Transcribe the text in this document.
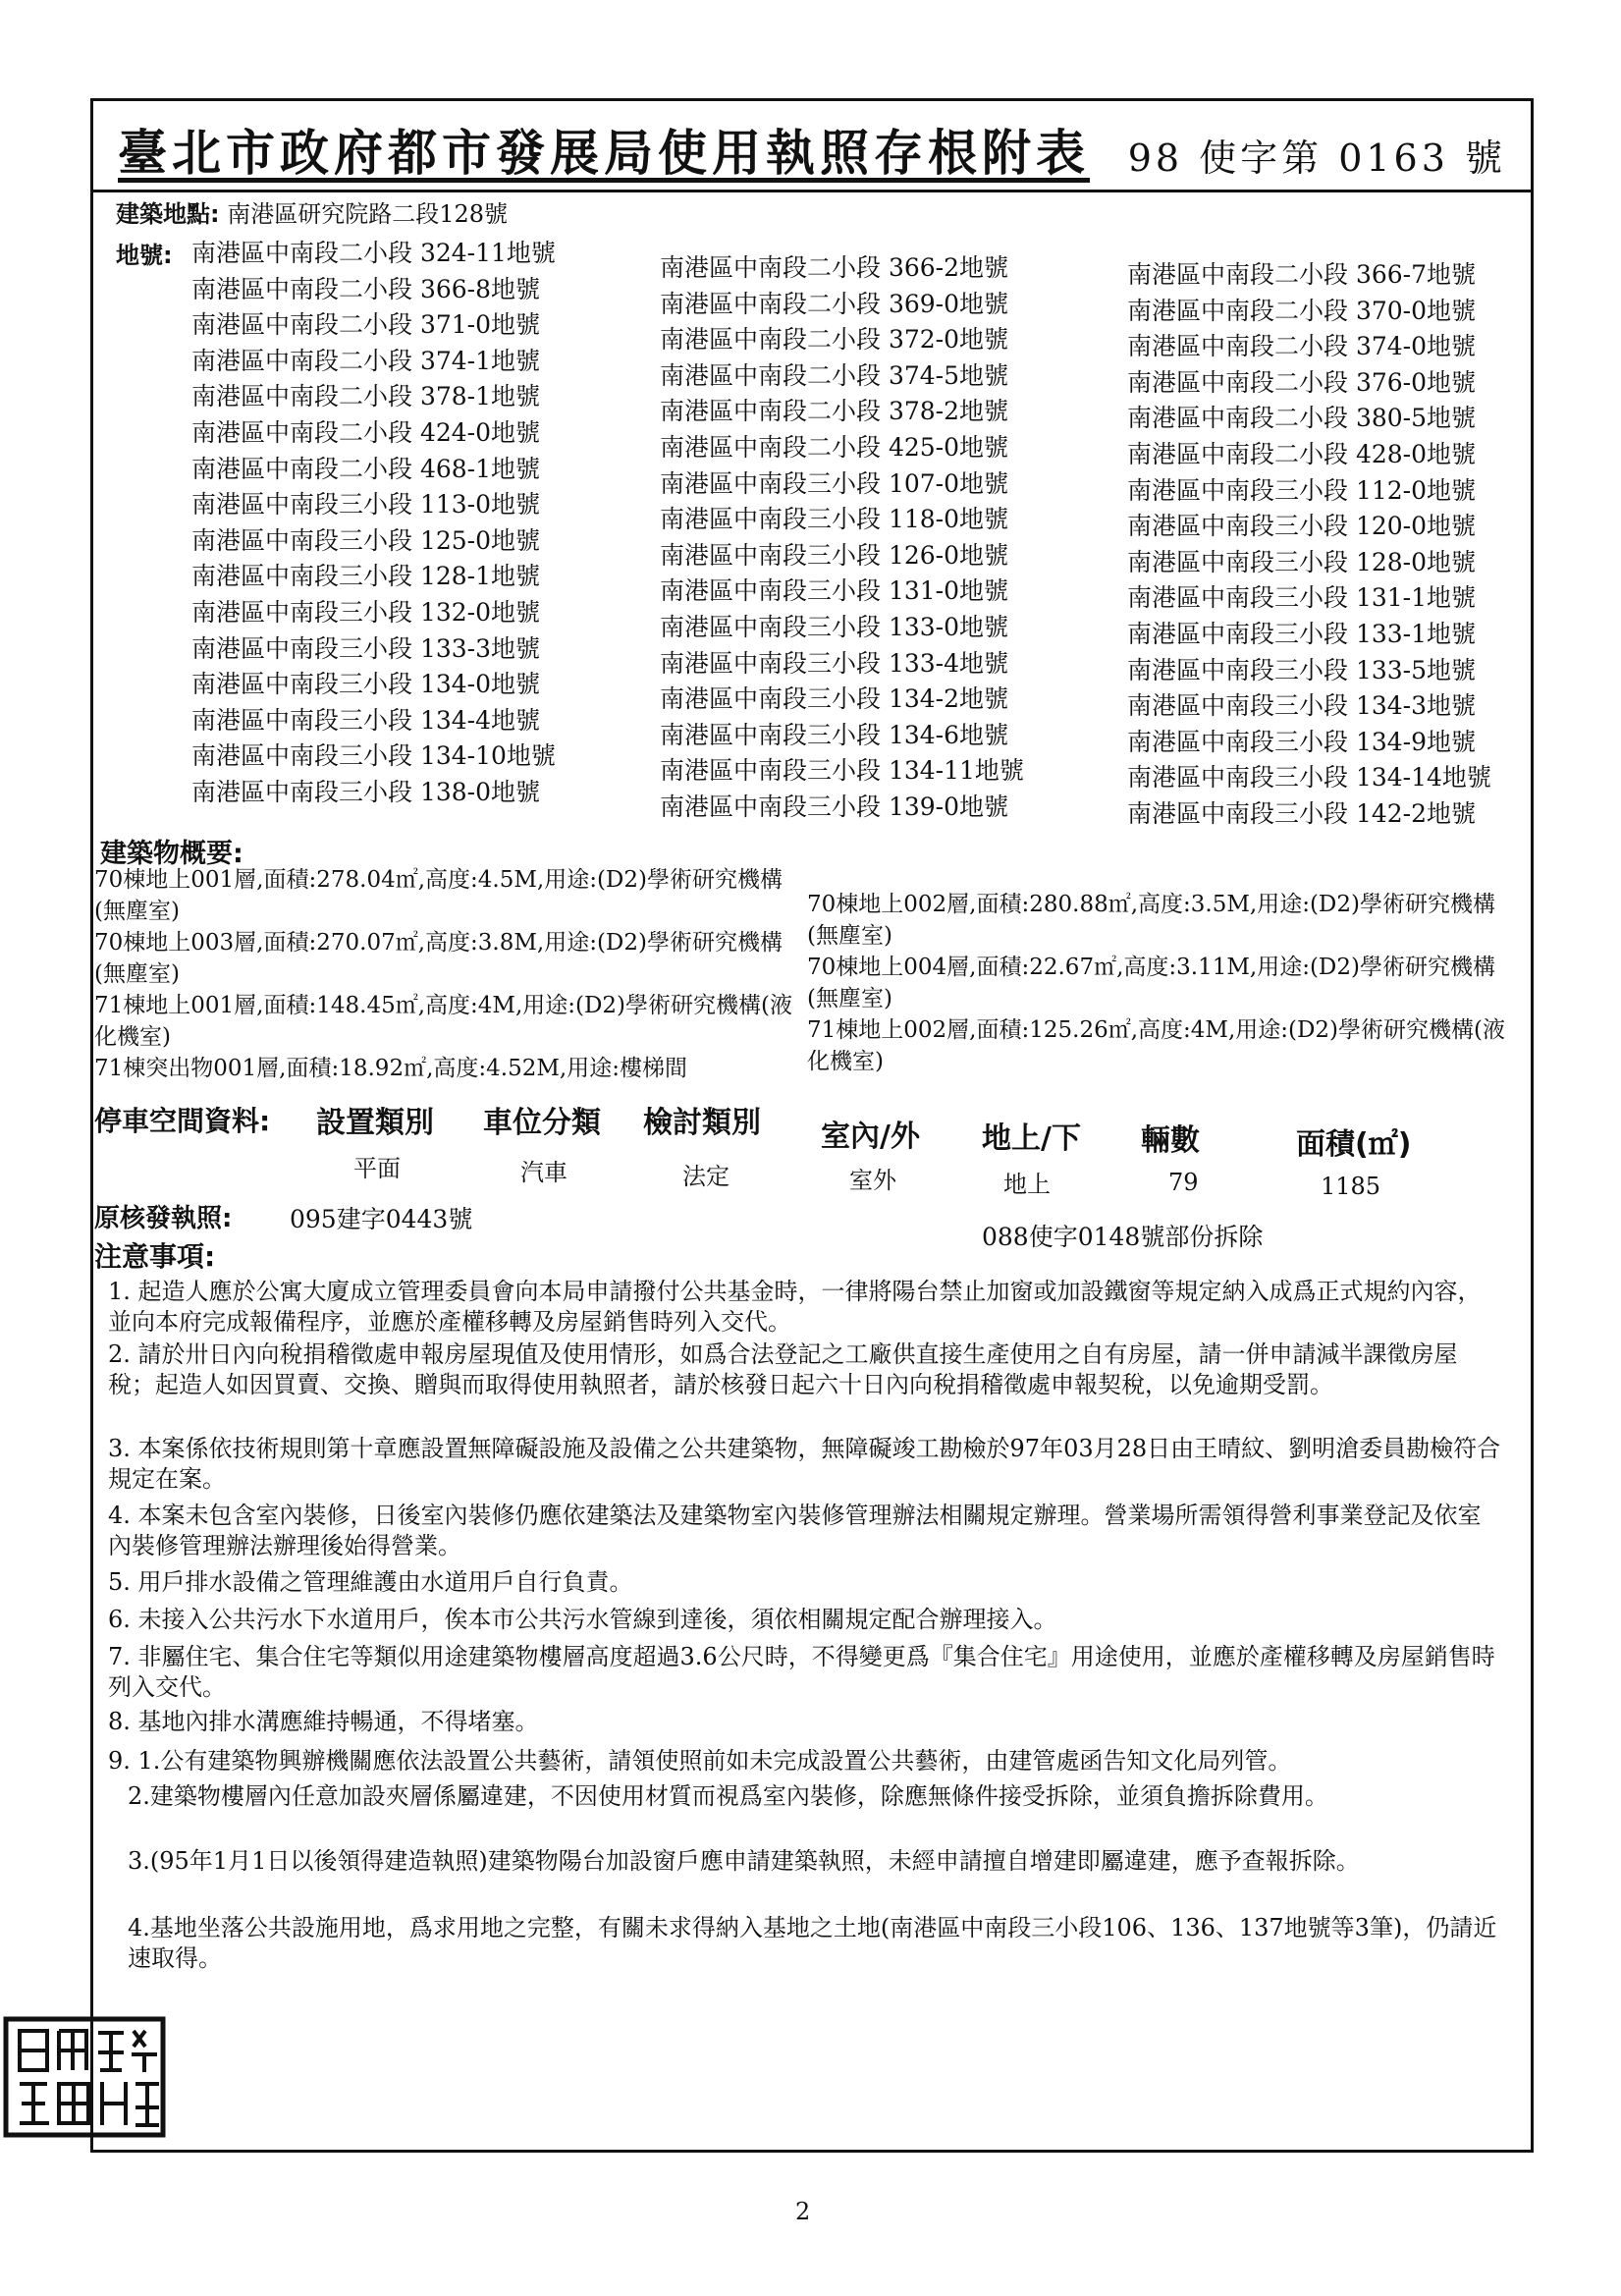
臺北市政府都市發展局使用執照存根附表 98 使字第 0163 號
建築地點: 南港區研究院路二段128號
地號: 南港區中南段二小段 324-11地號
南港區中南段二小段 366-8地號
南港區中南段二小段 371-0地號
南港區中南段二小段 374-1地號
南港區中南段二小段 378-1地號
南港區中南段二小段 424-0地號
南港區中南段二小段 468-1地號
南港區中南段三小段 113-0地號
南港區中南段三小段 125-0地號
南港區中南段三小段 128-1地號
南港區中南段三小段 132-0地號
南港區中南段三小段 133-3地號
南港區中南段三小段 134-0地號
南港區中南段三小段 134-4地號
南港區中南段三小段 134-10地號
南港區中南段三小段 138-0地號
南港區中南段二小段 366-2地號
南港區中南段二小段 369-0地號
南港區中南段二小段 372-0地號
南港區中南段二小段 374-5地號
南港區中南段二小段 378-2地號
南港區中南段二小段 425-0地號
南港區中南段三小段 107-0地號
南港區中南段三小段 118-0地號
南港區中南段三小段 126-0地號
南港區中南段三小段 131-0地號
南港區中南段三小段 133-0地號
南港區中南段三小段 133-4地號
南港區中南段三小段 134-2地號
南港區中南段三小段 134-6地號
南港區中南段三小段 134-11地號
南港區中南段三小段 139-0地號
南港區中南段二小段 366-7地號
南港區中南段二小段 370-0地號
南港區中南段二小段 374-0地號
南港區中南段二小段 376-0地號
南港區中南段二小段 380-5地號
南港區中南段二小段 428-0地號
南港區中南段三小段 112-0地號
南港區中南段三小段 120-0地號
南港區中南段三小段 128-0地號
南港區中南段三小段 131-1地號
南港區中南段三小段 133-1地號
南港區中南段三小段 133-5地號
南港區中南段三小段 134-3地號
南港區中南段三小段 134-9地號
南港區中南段三小段 134-14地號
南港區中南段三小段 142-2地號
建築物概要:
70棟地上001層,面積:278.04㎡,高度:4.5M,用途:(D2)學術研究機構(無塵室)
70棟地上003層,面積:270.07㎡,高度:3.8M,用途:(D2)學術研究機構(無塵室)
71棟地上001層,面積:148.45㎡,高度:4M,用途:(D2)學術研究機構(液化機室)
71棟突出物001層,面積:18.92㎡,高度:4.52M,用途:樓梯間
70棟地上002層,面積:280.88㎡,高度:3.5M,用途:(D2)學術研究機構(無塵室)
70棟地上004層,面積:22.67㎡,高度:3.11M,用途:(D2)學術研究機構(無塵室)
71棟地上002層,面積:125.26㎡,高度:4M,用途:(D2)學術研究機構(液化機室)
停車空間資料: 設置類別 車位分類 檢討類別 室內/外 地上/下 輛數	面積(㎡)
平面	汽車	法定	室外	地上	79	1185
原核發執照: 095建字0443號
088使字0148號部份拆除
注意事項:
1. 起造人應於公寓大廈成立管理委員會向本局申請撥付公共基金時，一律將陽台禁止加窗或加設鐵窗等規定納入成爲正式規約內容，並向本府完成報備程序，並應於產權移轉及房屋銷售時列入交代。
2. 請於卅日內向稅捐稽徵處申報房屋現值及使用情形，如爲合法登記之工廠供直接生產使用之自有房屋，請一併申請減半課徵房屋稅；起造人如因買賣、交換、贈與而取得使用執照者，請於核發日起六十日內向稅捐稽徵處申報契稅，以免逾期受罰。
3. 本案係依技術規則第十章應設置無障礙設施及設備之公共建築物，無障礙竣工勘檢於97年03月28日由王晴紋、劉明滄委員勘檢符合規定在案。
4. 本案未包含室內裝修，日後室內裝修仍應依建築法及建築物室內裝修管理辦法相關規定辦理。營業場所需領得營利事業登記及依室內裝修管理辦法辦理後始得營業。
5. 用戶排水設備之管理維護由水道用戶自行負責。
6. 未接入公共污水下水道用戶，俟本市公共污水管線到達後，須依相關規定配合辦理接入。
7. 非屬住宅、集合住宅等類似用途建築物樓層高度超過3.6公尺時，不得變更爲『集合住宅』用途使用，並應於產權移轉及房屋銷售時列入交代。
8. 基地內排水溝應維持暢通，不得堵塞。
9. 1.公有建築物興辦機關應依法設置公共藝術，請領使照前如未完成設置公共藝術，由建管處函告知文化局列管。
2.建築物樓層內任意加設夾層係屬違建，不因使用材質而視爲室內裝修，除應無條件接受拆除，並須負擔拆除費用。
3.(95年1月1日以後領得建造執照)建築物陽台加設窗戶應申請建築執照，未經申請擅自增建即屬違建，應予查報拆除。
4.基地坐落公共設施用地，爲求用地之完整，有關未求得納入基地之土地(南港區中南段三小段106、136、137地號等3筆)，仍請近速取得。
2
